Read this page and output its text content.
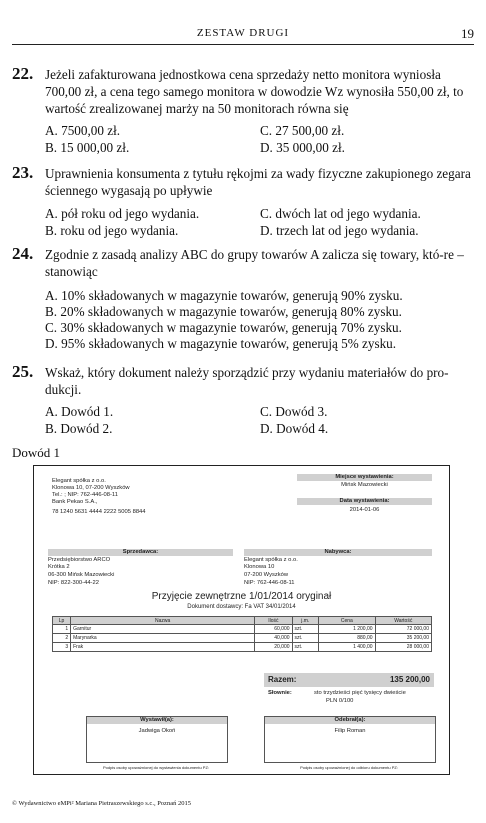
ZESTAW DRUGI	19
22. Jeżeli zafakturowana jednostkowa cena sprzedaży netto monitora wyniosła 700,00 zł, a cena tego samego monitora w dowodzie Wz wynosiła 550,00 zł, to wartość zrealizowanej marży na 50 monitorach równa się
A. 7500,00 zł.
B. 15 000,00 zł.
C. 27 500,00 zł.
D. 35 000,00 zł.
23. Uprawnienia konsumenta z tytułu rękojmi za wady fizyczne zakupionego zegara ściennego wygasają po upływie
A. pół roku od jego wydania.
B. roku od jego wydania.
C. dwóch lat od jego wydania.
D. trzech lat od jego wydania.
24. Zgodnie z zasadą analizy ABC do grupy towarów A zalicza się towary, któ-re – stanowiąc
A. 10% składowanych w magazynie towarów, generują 90% zysku.
B. 20% składowanych w magazynie towarów, generują 80% zysku.
C. 30% składowanych w magazynie towarów, generują 70% zysku.
D. 95% składowanych w magazynie towarów, generują 5% zysku.
25. Wskaż, który dokument należy sporządzić przy wydaniu materiałów do pro-dukcji.
A. Dowód 1.
B. Dowód 2.
C. Dowód 3.
D. Dowód 4.
Dowód 1
Elegant spółka z o.o.
Klonowa 10, 07-200 Wyszków
Tel.: ; NIP: 762-446-08-11
Bank Pekao S.A.,
78 1240 5631 4444 2222 5005 8844
Miejsce wystawienia:
Mińsk Mazowiecki
Data wystawienia:
2014-01-06
Sprzedawca:
Przedsiębiorstwo ARCO
Krótka 2
06-300 Mińsk Mazowiecki
NIP: 822-300-44-22
Nabywca:
Elegant spółka z o.o.
Klonowa 10
07-200 Wyszków
NIP: 762-446-08-11
Przyjęcie zewnętrzne 1/01/2014 oryginał
Dokument dostawcy: Fa VAT 34/01/2014
Lp	Nazwa	Ilość	j.m.	Cena	Wartość
1	Garnitur	60,000	szt.	1 200,00	72 000,00
2	Marynarka	40,000	szt.	880,00	35 200,00
3	Frak	20,000	szt.	1 400,00	28 000,00
Razem:	135 200,00
Słownie:	sto trzydzieści pięć tysięcy dwieście
PLN 0/100
Wystawił(a):
Jadwiga Okoń
Odebrał(a):
Filip Roman
Podpis osoby upoważnionej do wystawienia dokumentu PZ:	Podpis osoby upoważnionej do odbioru dokumentu PZ:
© Wydawnictwo eMPi² Mariana Pietraszewskiego s.c., Poznań 2015
